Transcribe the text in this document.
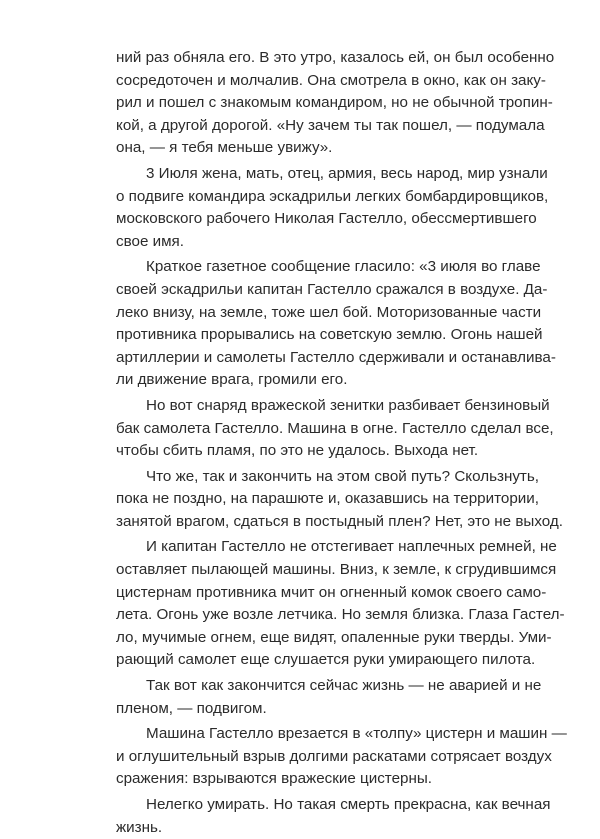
ний раз обняла его. В это утро, казалось ей, он был особенно
сосредоточен и молчалив. Она смотрела в окно, как он заку-
рил и пошел с знакомым командиром, но не обычной тропин-
кой, а другой дорогой. «Ну зачем ты так пошел, — подумала
она, — я тебя меньше увижу».
3 Июля жена, мать, отец, армия, весь народ, мир узнали
о подвиге командира эскадрильи легких бомбардировщиков,
московского рабочего Николая Гастелло, обессмертившего
свое имя.
Краткое газетное сообщение гласило: «3 июля во главе
своей эскадрильи капитан Гастелло сражался в воздухе. Да-
леко внизу, на земле, тоже шел бой. Моторизованные части
противника прорывались на советскую землю. Огонь нашей
артиллерии и самолеты Гастелло сдерживали и останавлива-
ли движение врага, громили его.
Но вот снаряд вражеской зенитки разбивает бензиновый
бак самолета Гастелло. Машина в огне. Гастелло сделал все,
чтобы сбить пламя, по это не удалось. Выхода нет.
Что же, так и закончить на этом свой путь? Скользнуть,
пока не поздно, на парашюте и, оказавшись на территории,
занятой врагом, сдаться в постыдный плен? Нет, это не выход.
И капитан Гастелло не отстегивает наплечных ремней, не
оставляет пылающей машины. Вниз, к земле, к сгрудившимся
цистернам противника мчит он огненный комок своего само-
лета. Огонь уже возле летчика. Но земля близка. Глаза Гастел-
ло, мучимые огнем, еще видят, опаленные руки тверды. Уми-
рающий самолет еще слушается руки умирающего пилота.
Так вот как закончится сейчас жизнь — не аварией и не
пленом, — подвигом.
Машина Гастелло врезается в «толпу» цистерн и машин —
и оглушительный взрыв долгими раскатами сотрясает воздух
сражения: взрываются вражеские цистерны.
Нелегко умирать. Но такая смерть прекрасна, как вечная
жизнь.
